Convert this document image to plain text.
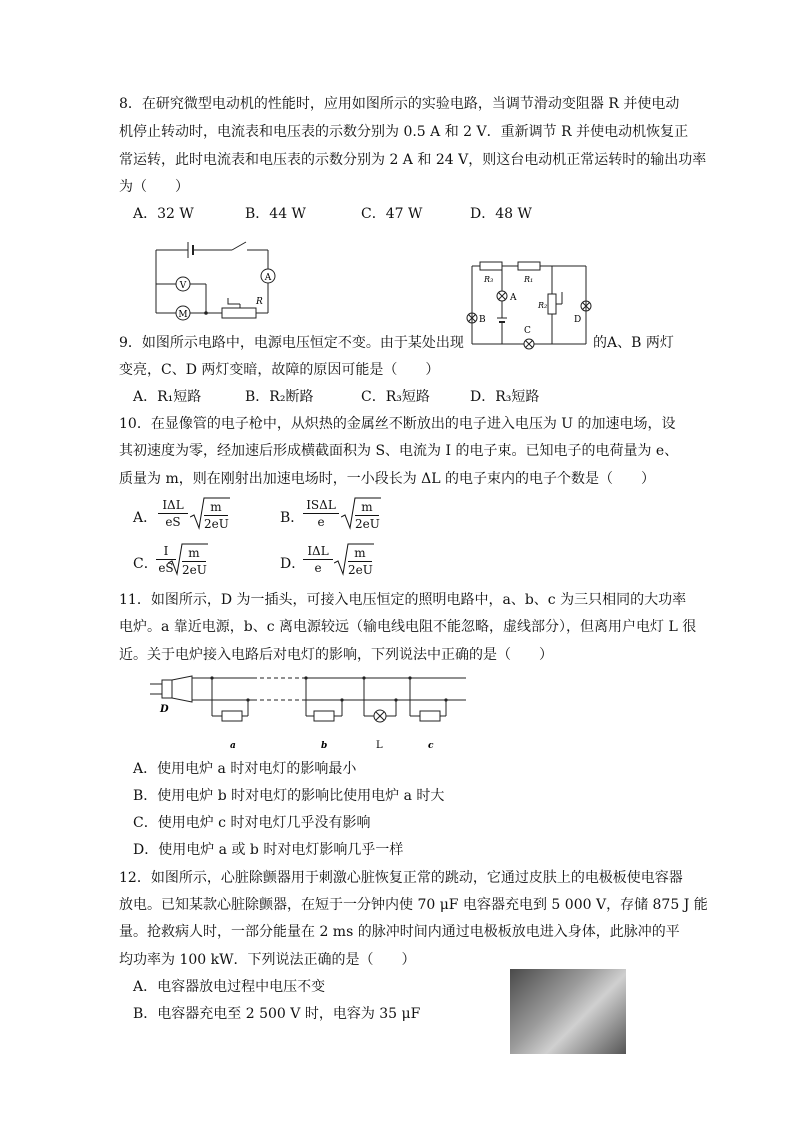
8．在研究微型电动机的性能时，应用如图所示的实验电路，当调节滑动变阻器 R 并使电动
机停止转动时，电流表和电压表的示数分别为 0.5 A 和 2 V．重新调节 R 并使电动机恢复正
常运转，此时电流表和电压表的示数分别为 2 A 和 24 V，则这台电动机正常运转时的输出功率
为（　　）
A．32 W	B．44 W	C．47 W	D．48 W
V
A
M
R
R₃	R₁
R₂
A
B
C
D
9．如图所示电路中，电源电压恒定不变。由于某处出现	的A、B 两灯
变亮，C、D 两灯变暗，故障的原因可能是（　　）
A．R₁短路	B．R₂断路	C．R₃短路	D．R₃短路
10．在显像管的电子枪中，从炽热的金属丝不断放出的电子进入电压为 U 的加速电场，设
其初速度为零，经加速后形成横截面积为 S、电流为 I 的电子束。已知电子的电荷量为 e、
质量为 m，则在刚射出加速电场时，一小段长为 ΔL 的电子束内的电子个数是（　　）
A．
IΔL
eS
m
2eU	B．
ISΔL
e
m
2eU
C．
I
eS
m
2eU	D．
IΔL
e
m
2eU
11．如图所示，D 为一插头，可接入电压恒定的照明电路中，a、b、c 为三只相同的大功率
电炉。a 靠近电源，b、c 离电源较远（输电线电阻不能忽略，虚线部分），但离用户电灯 L 很
近。关于电炉接入电路后对电灯的影响，下列说法中正确的是（　　）
D
a	b	L	c
A．使用电炉 a 时对电灯的影响最小
B．使用电炉 b 时对电灯的影响比使用电炉 a 时大
C．使用电炉 c 时对电灯几乎没有影响
D．使用电炉 a 或 b 时对电灯影响几乎一样
12．如图所示，心脏除颤器用于刺激心脏恢复正常的跳动，它通过皮肤上的电极板使电容器
放电。已知某款心脏除颤器，在短于一分钟内使 70 μF 电容器充电到 5 000 V，存储 875 J 能
量。抢救病人时，一部分能量在 2 ms 的脉冲时间内通过电极板放电进入身体，此脉冲的平
均功率为 100 kW．下列说法正确的是（　　）
A．电容器放电过程中电压不变
B．电容器充电至 2 500 V 时，电容为 35 μF
